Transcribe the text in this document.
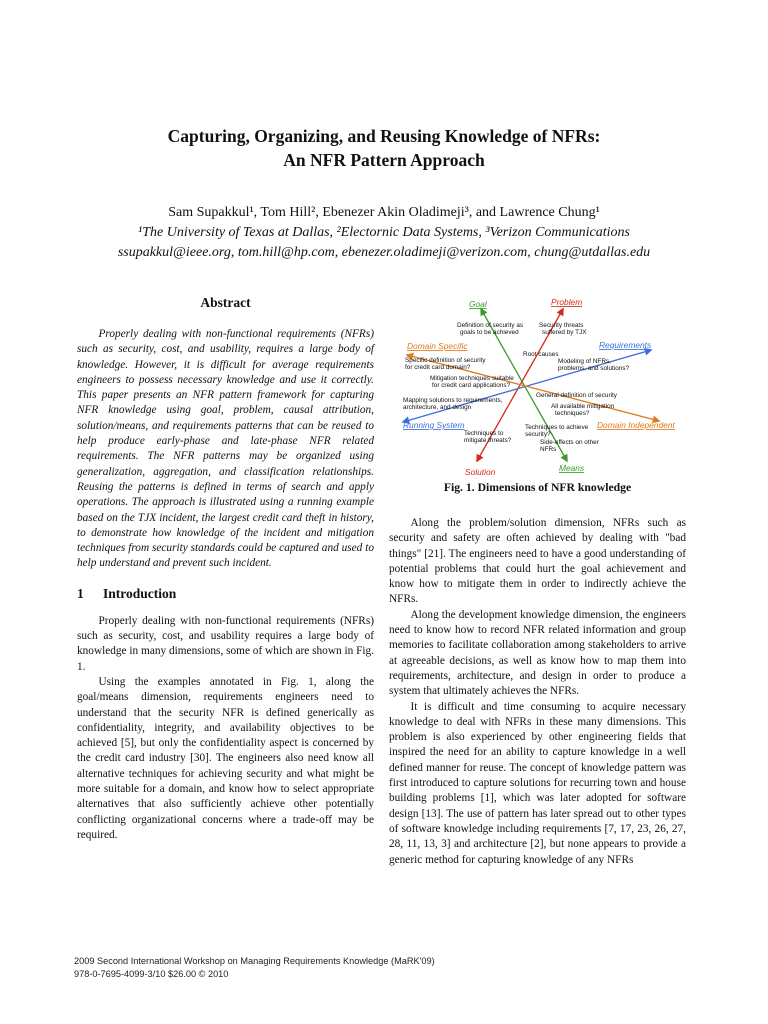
Capturing, Organizing, and Reusing Knowledge of NFRs:
An NFR Pattern Approach
Sam Supakkul¹, Tom Hill², Ebenezer Akin Oladimeji³, and Lawrence Chung¹
¹The University of Texas at Dallas, ²Electornic Data Systems, ³Verizon Communications
ssupakkul@ieee.org, tom.hill@hp.com, ebenezer.oladimeji@verizon.com, chung@utdallas.edu
Abstract

Properly dealing with non-functional requirements (NFRs) such as security, cost, and usability, requires a large body of knowledge. However, it is difficult for average requirements engineers to possess necessary knowledge and use it correctly. This paper presents an NFR pattern framework for capturing NFR knowledge using goal, problem, causal attribution, solution/means, and requirements patterns that can be reused to help produce early-phase and late-phase NFR related requirements. The NFR patterns may be organized using generalization, aggregation, and classification relationships. Reusing the patterns is defined in terms of search and apply operations. The approach is illustrated using a running example based on the TJX incident, the largest credit card theft in history, to demonstrate how knowledge of the incident and mitigation techniques from security standards could be captured and used to help understand and prevent such incident.

1 Introduction

Properly dealing with non-functional requirements (NFRs) such as security, cost, and usability requires a large body of knowledge in many dimensions, some of which are shown in Fig. 1.

Using the examples annotated in Fig. 1, along the goal/means dimension, requirements engineers need to understand that the security NFR is defined generically as confidentiality, integrity, and availability objectives to be achieved [5], but only the confidentiality aspect is concerned by the credit card industry [30]. The engineers also need know all alternative techniques for achieving security and what might be more suitable for a domain, and know how to select appropriate alternatives that also sufficiently achieve other potentially conflicting organizational concerns where a trade-off may be required.

Goal	Problem
Requirements
Domain Specific
Domain Independent
Running System
Solution	Means
Definition of security as
goals to be achieved
Security threats
suffered by TJX
Root causes
Specific definition of security
for credit card domain?
Modeling of NFRs,
problems, and solutions?
Mitigation techniques suitable
for credit card applications?
General definition of security
Mapping solutions to requirements,
architecture, and design	All available mitigation
techniques?
Techniques to achieve
security?
Techniques to
mitigate threats?	Side-effects on other
NFRs
Fig. 1. Dimensions of NFR knowledge

Along the problem/solution dimension, NFRs such as security and safety are often achieved by dealing with "bad things" [21]. The engineers need to have a good understanding of potential problems that could hurt the goal achievement and know how to mitigate them in order to indirectly achieve the NFRs.

Along the development knowledge dimension, the engineers need to know how to record NFR related information and group memories to facilitate collaboration among stakeholders to arrive at agreeable decisions, as well as know how to map them into requirements, architecture, and design in order to produce a system that ultimately achieves the NFRs.

It is difficult and time consuming to acquire necessary knowledge to deal with NFRs in these many dimensions. This problem is also experienced by other engineering fields that inspired the need for an ability to capture knowledge in a well defined manner for reuse. The concept of knowledge pattern was first introduced to capture solutions for recurring town and house building problems [1], which was later adopted for software design [13]. The use of pattern has later spread out to other types of software knowledge including requirements [7, 17, 23, 26, 27, 28, 11, 13, 3] and architecture [2], but none appears to provide a generic method for capturing knowledge of any NFRs

2009 Second International Workshop on Managing Requirements Knowledge (MaRK'09)
978-0-7695-4099-3/10 $26.00 © 2010
